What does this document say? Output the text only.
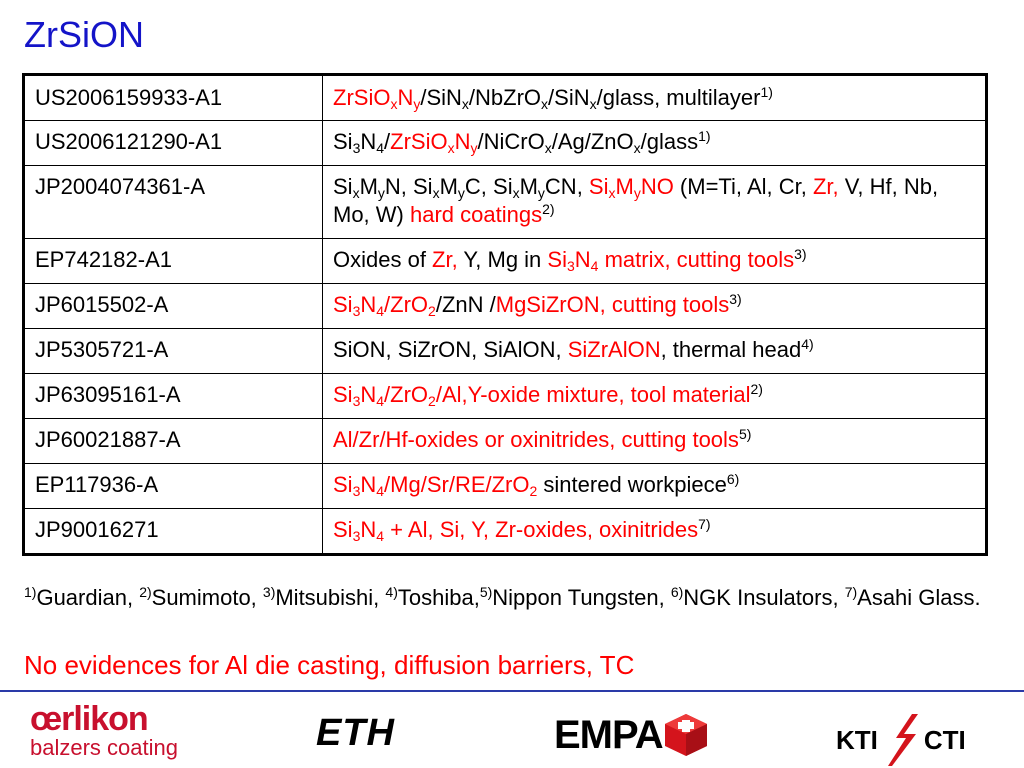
ZrSiON
US2006159933-A1	$ZrSiO_xN_y/SiN_x/NbZrO_x/SiN_x$/glass, multilayer$^{1)}$
US2006121290-A1	$Si_3N_4/ZrSiO_xN_y/NiCrO_x/Ag/ZnO_x/glass^{1)}$
JP2004074361-A	$Si_xM_yN$, $Si_xM_yC$, $Si_xM_yCN$, $Si_xM_yNO$ (M=Ti, Al, Cr, Zr, V, Hf, Nb, Mo, W) hard coatings$^{2)}$
EP742182-A1	Oxides of Zr, Y, Mg in $Si_3N_4$ matrix, cutting tools$^{3)}$
JP6015502-A	$Si_3N_4/ZrO_2$/ZnN /MgSiZrON, cutting tools$^{3)}$
JP5305721-A	SiON, SiZrON, SiAlON, SiZrAlON, thermal head$^{4)}$
JP63095161-A	$Si_3N_4/ZrO_2/Al,Y$-oxide mixture, tool material$^{2)}$
JP60021887-A	Al/Zr/Hf-oxides or oxinitrides, cutting tools$^{5)}$
EP117936-A	$Si_3N_4/Mg/Sr/RE/ZrO_2$ sintered workpiece$^{6)}$
JP90016271	$Si_3N_4 + Al$, Si, Y, Zr-oxides, oxinitrides$^{7)}$
$^{1)}$Guardian, $^{2)}$Sumimoto, $^{3)}$Mitsubishi, $^{4)}$Toshiba,$^{5)}$Nippon Tungsten, $^{6)}$NGK Insulators, $^{7)}$Asahi Glass.
No evidences for Al die casting, diffusion barriers, TC
œrlikon
balzers coating	ETH	EMPA	KTI CTI
